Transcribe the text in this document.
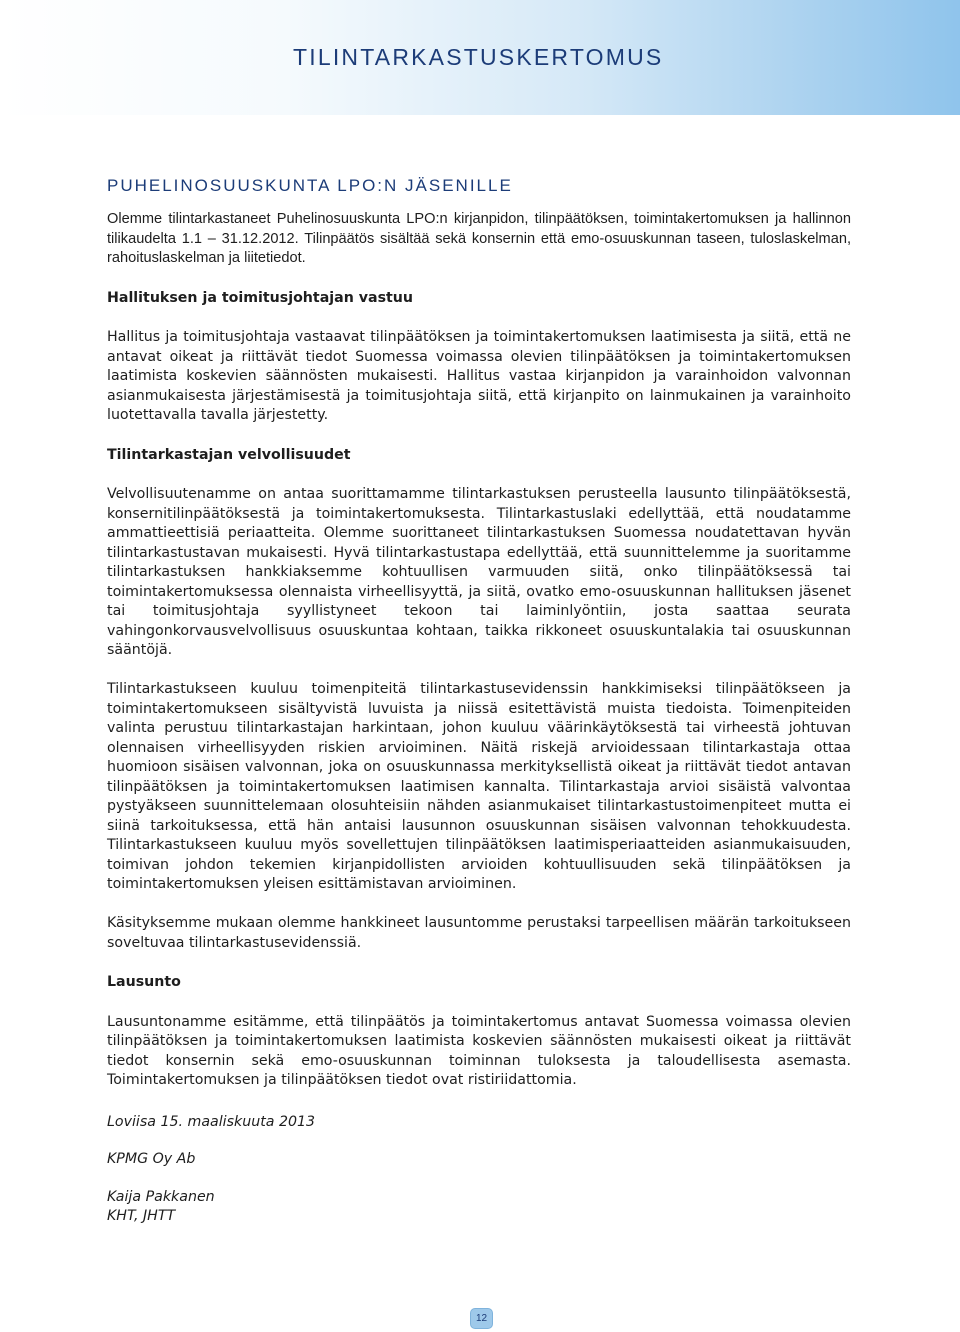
TILINTARKASTUSKERTOMUS
PUHELINOSUUSKUNTA LPO:N JÄSENILLE

Olemme tilintarkastaneet Puhelinosuuskunta LPO:n kirjanpidon, tilinpäätöksen, toimintakertomuksen ja hallinnon tilikaudelta 1.1 – 31.12.2012. Tilinpäätös sisältää sekä konsernin että emo-osuuskunnan taseen, tuloslaskelman, rahoituslaskelman ja liitetiedot.

Hallituksen ja toimitusjohtajan vastuu

Hallitus ja toimitusjohtaja vastaavat tilinpäätöksen ja toimintakertomuksen laatimisesta ja siitä, että ne antavat oikeat ja riittävät tiedot Suomessa voimassa olevien tilinpäätöksen ja toimintakertomuksen laatimista koskevien säännösten mukaisesti. Hallitus vastaa kirjanpidon ja varainhoidon valvonnan asianmukaisesta järjestämisestä ja toimitusjohtaja siitä, että kirjanpito on lainmukainen ja varainhoito luotettavalla tavalla järjestetty.

Tilintarkastajan velvollisuudet

Velvollisuutenamme on antaa suorittamamme tilintarkastuksen perusteella lausunto tilinpäätöksestä, konsernitilinpäätöksestä ja toimintakertomuksesta. Tilintarkastuslaki edellyttää, että noudatamme ammattieettisiä periaatteita. Olemme suorittaneet tilintarkastuksen Suomessa noudatettavan hyvän tilintarkastustavan mukaisesti. Hyvä tilintarkastustapa edellyttää, että suunnittelemme ja suoritamme tilintarkastuksen hankkiaksemme kohtuullisen varmuuden siitä, onko tilinpäätöksessä tai toimintakertomuksessa olennaista virheellisyyttä, ja siitä, ovatko emo-osuuskunnan hallituksen jäsenet tai toimitusjohtaja syyllistyneet tekoon tai laiminlyöntiin, josta saattaa seurata vahingonkorvausvelvollisuus osuuskuntaa kohtaan, taikka rikkoneet osuuskuntalakia tai osuuskunnan sääntöjä.

Tilintarkastukseen kuuluu toimenpiteitä tilintarkastusevidenssin hankkimiseksi tilinpäätökseen ja toimintakertomukseen sisältyvistä luvuista ja niissä esitettävistä muista tiedoista. Toimenpiteiden valinta perustuu tilintarkastajan harkintaan, johon kuuluu väärinkäytöksestä tai virheestä johtuvan olennaisen virheellisyyden riskien arvioiminen. Näitä riskejä arvioidessaan tilintarkastaja ottaa huomioon sisäisen valvonnan, joka on osuuskunnassa merkityksellistä oikeat ja riittävät tiedot antavan tilinpäätöksen ja toimintakertomuksen laatimisen kannalta. Tilintarkastaja arvioi sisäistä valvontaa pystyäkseen suunnittelemaan olosuhteisiin nähden asianmukaiset tilintarkastustoimenpiteet mutta ei siinä tarkoituksessa, että hän antaisi lausunnon osuuskunnan sisäisen valvonnan tehokkuudesta. Tilintarkastukseen kuuluu myös sovellettujen tilinpäätöksen laatimisperiaatteiden asianmukaisuuden, toimivan johdon tekemien kirjanpidollisten arvioiden kohtuullisuuden sekä tilinpäätöksen ja toimintakertomuksen yleisen esittämistavan arvioiminen.

Käsityksemme mukaan olemme hankkineet lausuntomme perustaksi tarpeellisen määrän tarkoitukseen soveltuvaa tilintarkastusevidenssiä.

Lausunto

Lausuntonamme esitämme, että tilinpäätös ja toimintakertomus antavat Suomessa voimassa olevien tilinpäätöksen ja toimintakertomuksen laatimista koskevien säännösten mukaisesti oikeat ja riittävät tiedot konsernin sekä emo-osuuskunnan toiminnan tuloksesta ja taloudellisesta asemasta. Toimintakertomuksen ja tilinpäätöksen tiedot ovat ristiriidattomia.

Loviisa 15. maaliskuuta 2013

KPMG Oy Ab

Kaija Pakkanen

KHT, JHTT

12
